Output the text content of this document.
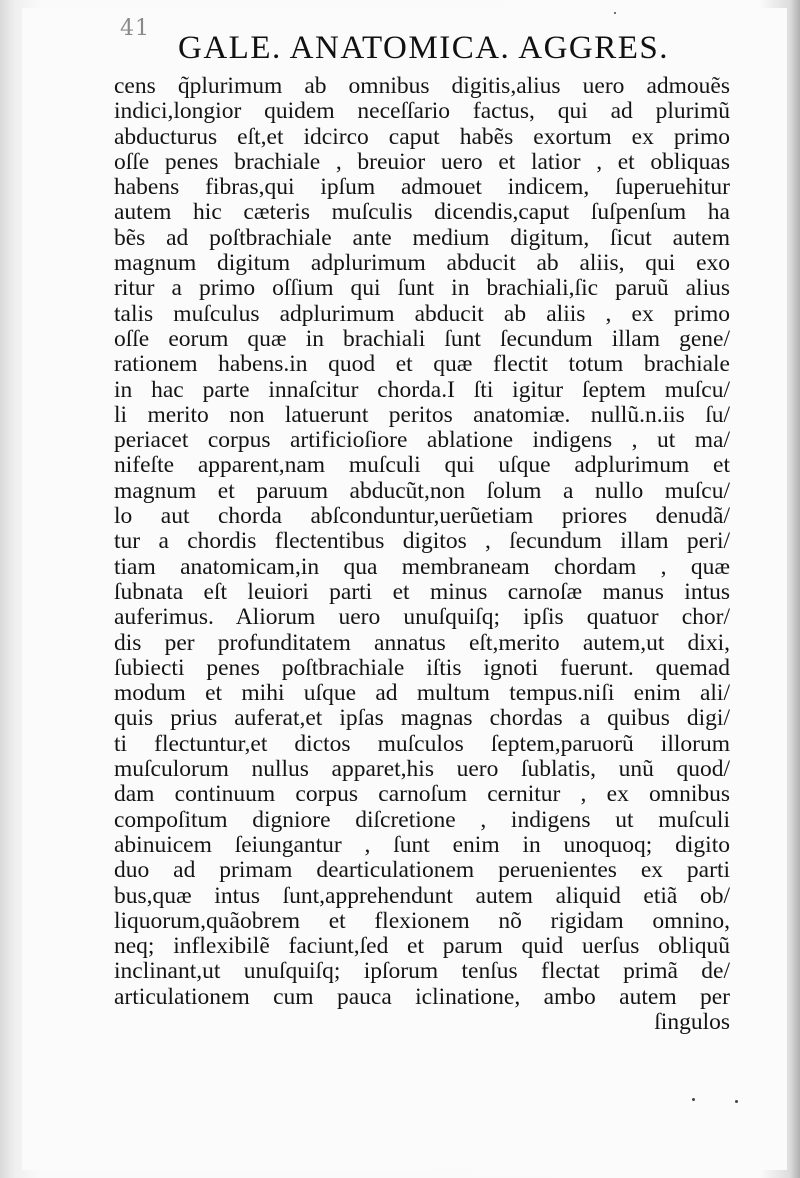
41
GALE. ANATOMICA. AGGRES.
cens q̃plurimum ab omnibus digitis,alius uero admouẽs
indici,longior quidem neceſſario factus, qui ad plurimũ
abducturus eſt,et idcirco caput habẽs exortum ex primo
oſſe penes brachiale , breuior uero et latior , et obliquas
habens fibras,qui ipſum admouet indicem, ſuperuehitur
autem hic cæteris muſculis dicendis,caput ſuſpenſum ha
bẽs ad poſtbrachiale ante medium digitum, ſicut autem
magnum digitum adplurimum abducit ab aliis, qui exo
ritur a primo oſſium qui ſunt in brachiali,ſic paruũ alius
talis muſculus adplurimum abducit ab aliis , ex primo
oſſe eorum quæ in brachiali ſunt ſecundum illam gene/
rationem habens.in quod et quæ flectit totum brachiale
in hac parte innaſcitur chorda.I ſti igitur ſeptem muſcu/
li merito non latuerunt peritos anatomiæ. nullũ.n.iis ſu/
periacet corpus artificioſiore ablatione indigens , ut ma/
nifeſte apparent,nam muſculi qui uſque adplurimum et
magnum et paruum abducũt,non ſolum a nullo muſcu/
lo aut chorda abſconduntur,uerũetiam priores denudã/
tur a chordis flectentibus digitos , ſecundum illam peri/
tiam anatomicam,in qua membraneam chordam , quæ
ſubnata eſt leuiori parti et minus carnoſæ manus intus
auferimus. Aliorum uero unuſquiſq; ipſis quatuor chor/
dis per profunditatem annatus eſt,merito autem,ut dixi,
ſubiecti penes poſtbrachiale iſtis ignoti fuerunt. quemad
modum et mihi uſque ad multum tempus.niſi enim ali/
quis prius auferat,et ipſas magnas chordas a quibus digi/
ti flectuntur,et dictos muſculos ſeptem,paruorũ illorum
muſculorum nullus apparet,his uero ſublatis, unũ quod/
dam continuum corpus carnoſum cernitur , ex omnibus
compoſitum digniore diſcretione , indigens ut muſculi
abinuicem ſeiungantur , ſunt enim in unoquoq; digito
duo ad primam dearticulationem peruenientes ex parti
bus,quæ intus ſunt,apprehendunt autem aliquid etiã ob/
liquorum,quãobrem et flexionem nõ rigidam omnino,
neq; inflexibilẽ faciunt,ſed et parum quid uerſus obliquũ
inclinant,ut unuſquiſq; ipſorum tenſus flectat primã de/
articulationem cum pauca iclinatione, ambo autem per
ſingulos
